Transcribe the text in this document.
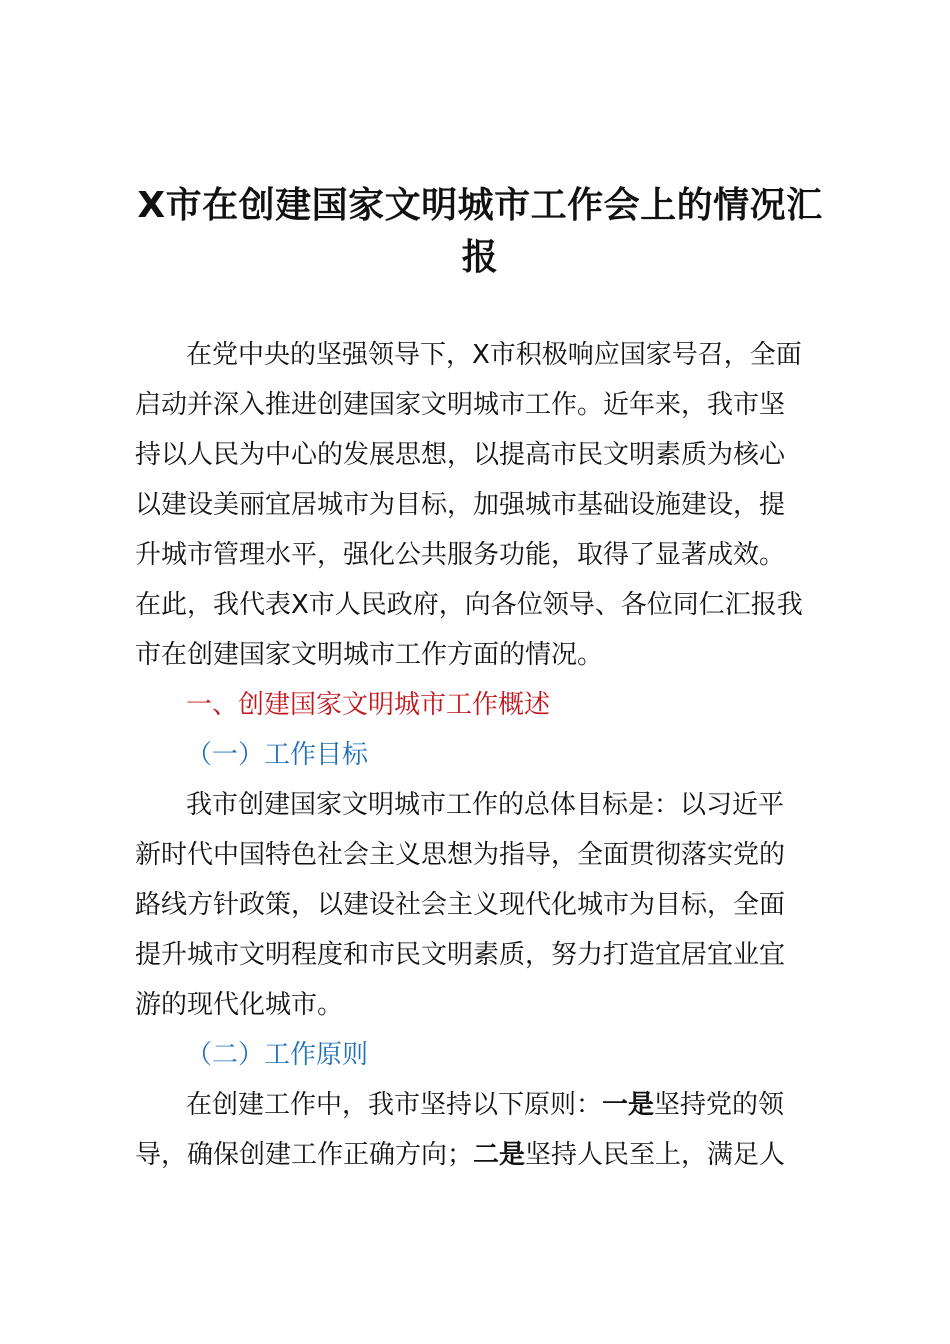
X市在创建国家文明城市工作会上的情况汇
报
在党中央的坚强领导下，X市积极响应国家号召，全面
启动并深入推进创建国家文明城市工作。近年来，我市坚
持以人民为中心的发展思想，以提高市民文明素质为核心
以建设美丽宜居城市为目标，加强城市基础设施建设，提
升城市管理水平，强化公共服务功能，取得了显著成效。
在此，我代表X市人民政府，向各位领导、各位同仁汇报我
市在创建国家文明城市工作方面的情况。
一、创建国家文明城市工作概述
（一）工作目标
我市创建国家文明城市工作的总体目标是：以习近平
新时代中国特色社会主义思想为指导，全面贯彻落实党的
路线方针政策，以建设社会主义现代化城市为目标，全面
提升城市文明程度和市民文明素质，努力打造宜居宜业宜
游的现代化城市。
（二）工作原则
在创建工作中，我市坚持以下原则：一是坚持党的领
导，确保创建工作正确方向；二是坚持人民至上，满足人
